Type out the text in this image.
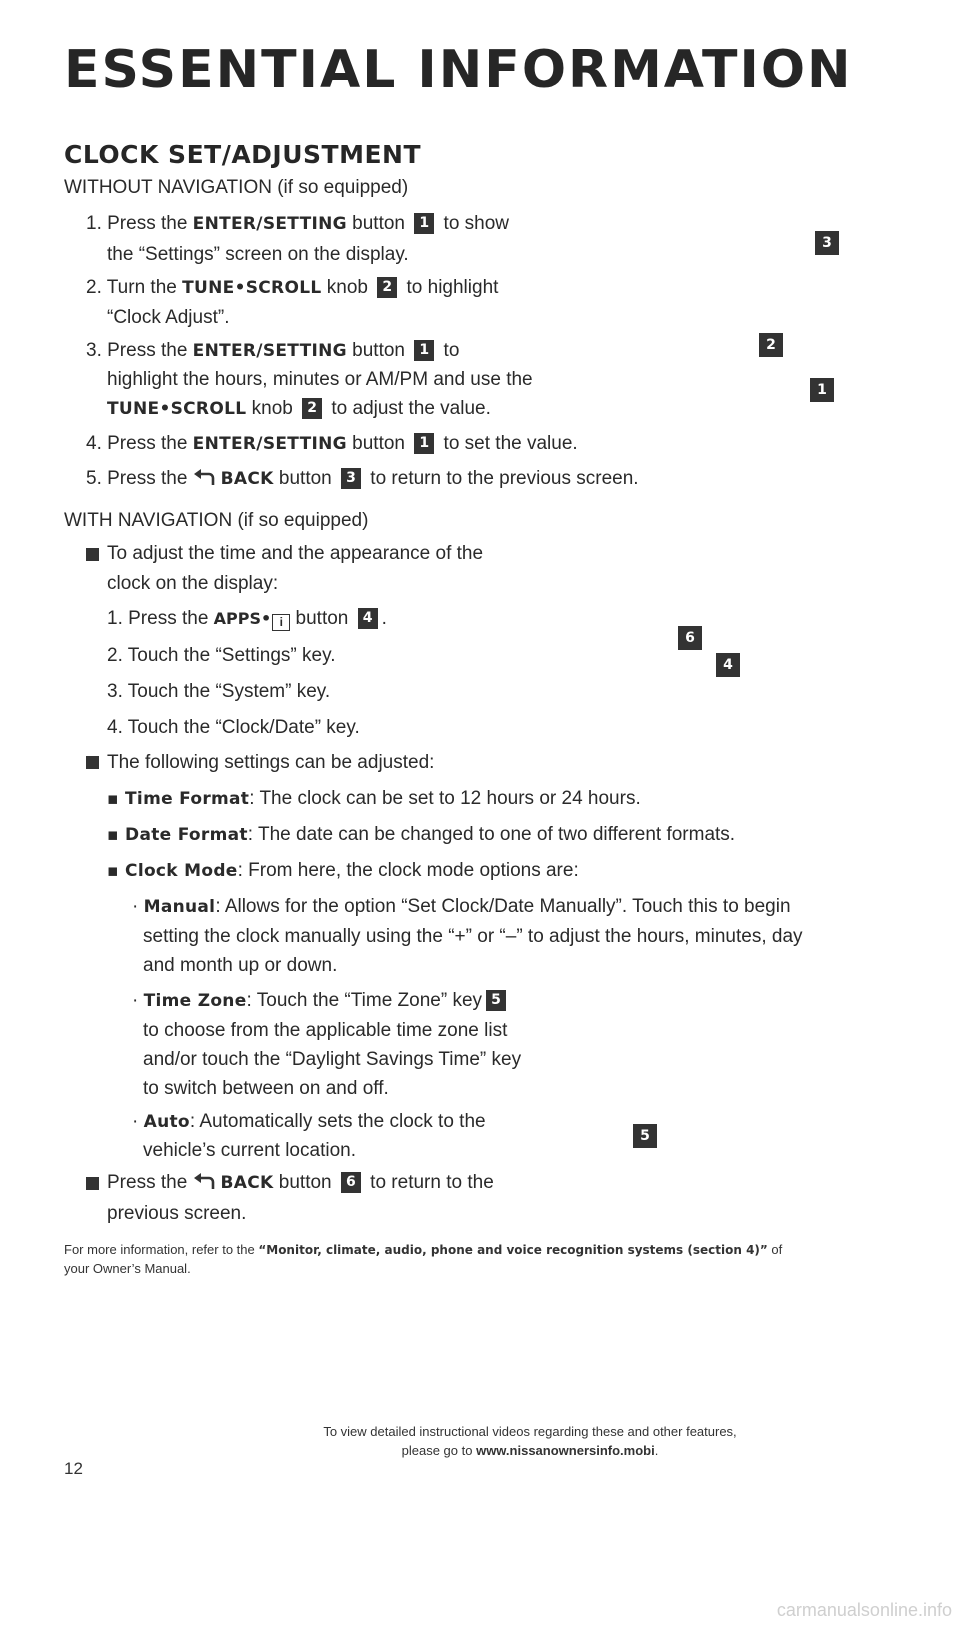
ESSENTIAL INFORMATION
CLOCK SET/ADJUSTMENT
WITHOUT NAVIGATION (if so equipped)
1. Press the ENTER/SETTING button 1 to show
the “Settings” screen on the display.
2. Turn the TUNE•SCROLL knob 2 to highlight
“Clock Adjust”.
3. Press the ENTER/SETTING button 1 to
highlight the hours, minutes or AM/PM and use the
TUNE•SCROLL knob 2 to adjust the value.
4. Press the ENTER/SETTING button 1 to set the value.
5. Press the BACK button 3 to return to the previous screen.
WITH NAVIGATION (if so equipped)
To adjust the time and the appearance of the
clock on the display:
1. Press the APPS• i button 4 .
2. Touch the “Settings” key.
3. Touch the “System” key.
4. Touch the “Clock/Date” key.
The following settings can be adjusted:
▪ Time Format: The clock can be set to 12 hours or 24 hours.
▪ Date Format: The date can be changed to one of two different formats.
▪ Clock Mode: From here, the clock mode options are:
· Manual: Allows for the option “Set Clock/Date Manually”. Touch this to begin
setting the clock manually using the “+” or “–” to adjust the hours, minutes, day
and month up or down.
· Time Zone: Touch the “Time Zone” key 5
to choose from the applicable time zone list
and/or touch the “Daylight Savings Time” key
to switch between on and off.
· Auto: Automatically sets the clock to the
vehicle’s current location.
Press the BACK button 6 to return to the
previous screen.
3
2
1
6
4
5
For more information, refer to the “Monitor, climate, audio, phone and voice recognition systems (section 4)” of
your Owner’s Manual.
12
To view detailed instructional videos regarding these and other features,
please go to www.nissanownersinfo.mobi.
carmanualsonline.info
